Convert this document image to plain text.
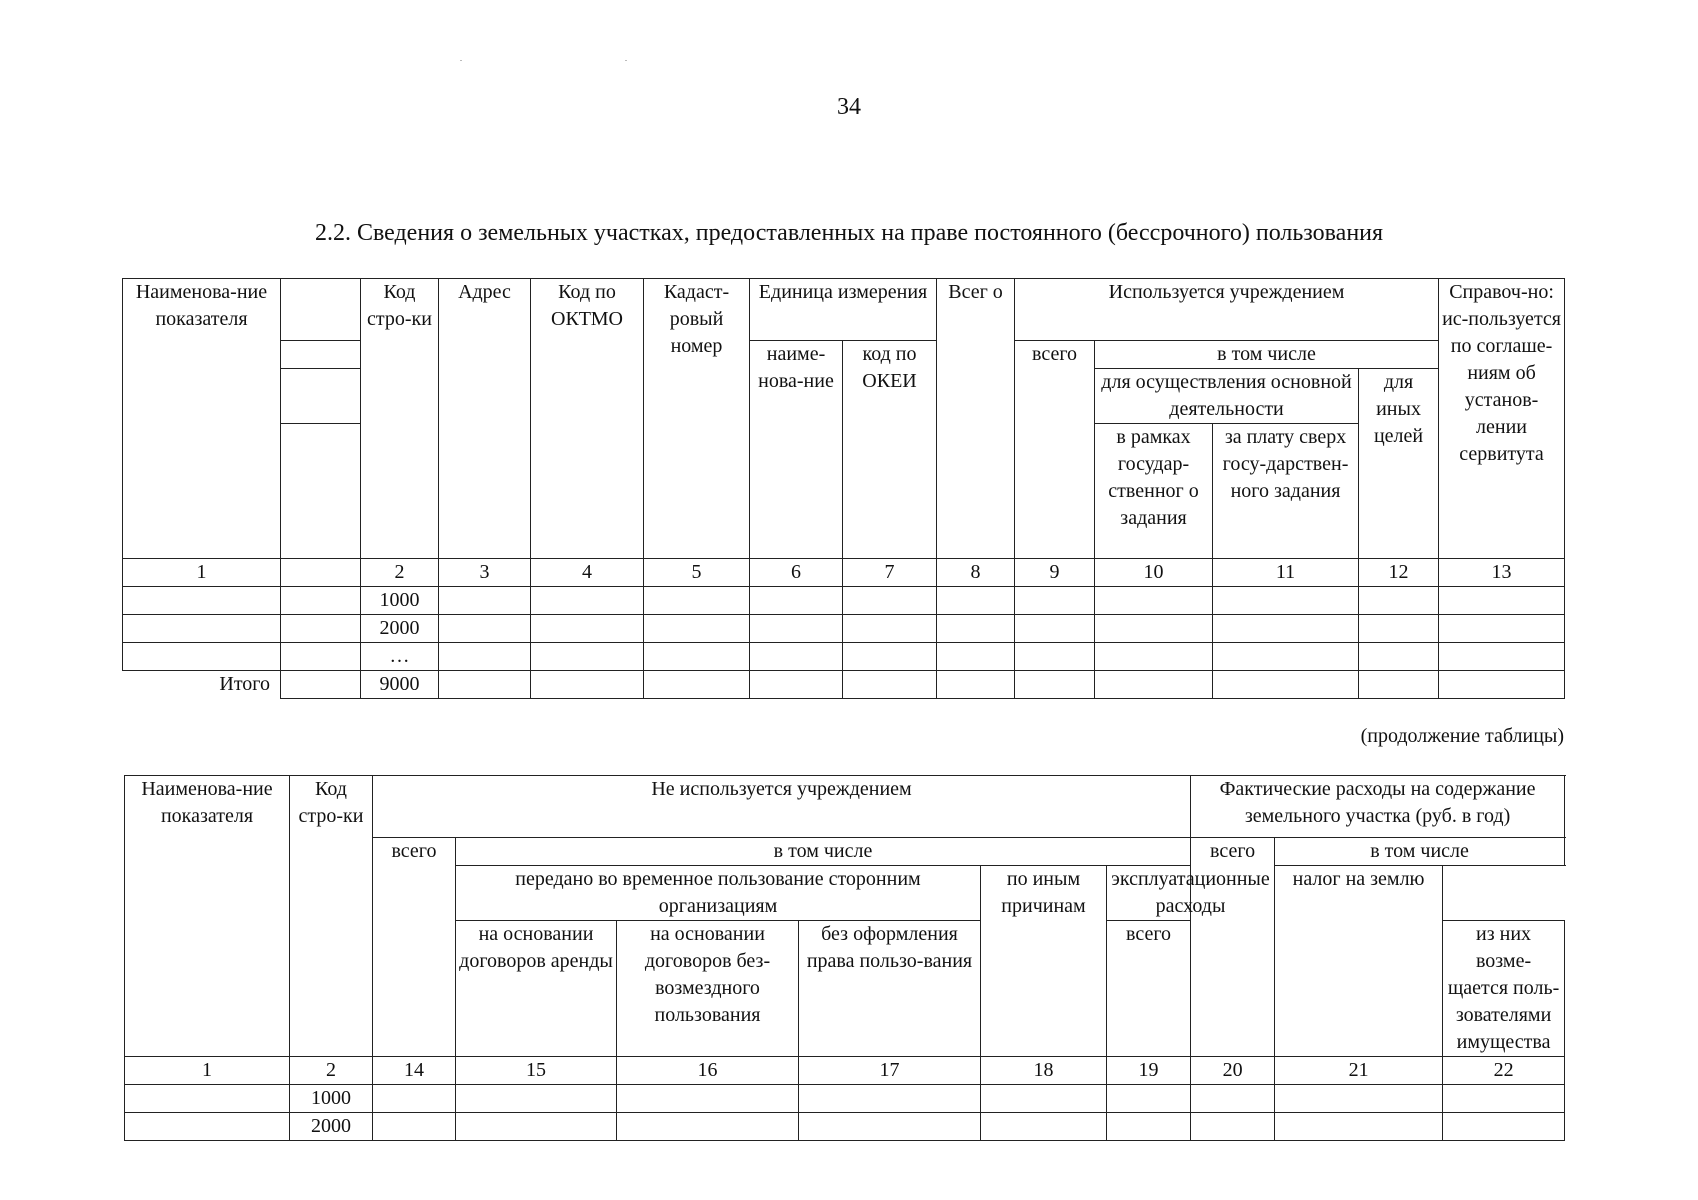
34
2.2. Сведения о земельных участках, предоставленных на праве постоянного (бессрочного) пользования
Наименова-ние показателя		Код стро-ки	Адрес	Код по ОКТМО	Кадаст-ровый номер	Единица измерения		Всег о	Используется учреждением				Справоч-но: ис-пользуется по соглаше-ниям об установ-лении сервитута
						наиме-нова-ние	код по ОКЕИ		всего	в том числе			
										для осуществления основной деятельности		для иных целей	
										в рамках государ-ственног о задания	за плату сверх госу-дарствен-ного задания		

1		2	3	4	5	6	7	8	9	10	11	12	13
		1000											
		2000											
		…											
Итого		9000											
(продолжение таблицы)
Наименова-ние показателя	Код стро-ки	Не используется учреждением						Фактические расходы на содержание земельного участка (руб. в год)		
		всего	в том числе					всего	в том числе	
			передано во временное пользование сторонним организациям			по иным причинам	эксплуатационные расходы		налог на землю	
			на основании договоров аренды	на основании договоров без-возмездного пользования	без оформления права пользо-вания		всего			из них возме-щается поль-зователями имущества
1	2	14	15	16	17	18	19	20	21	22
	1000									
	2000									
